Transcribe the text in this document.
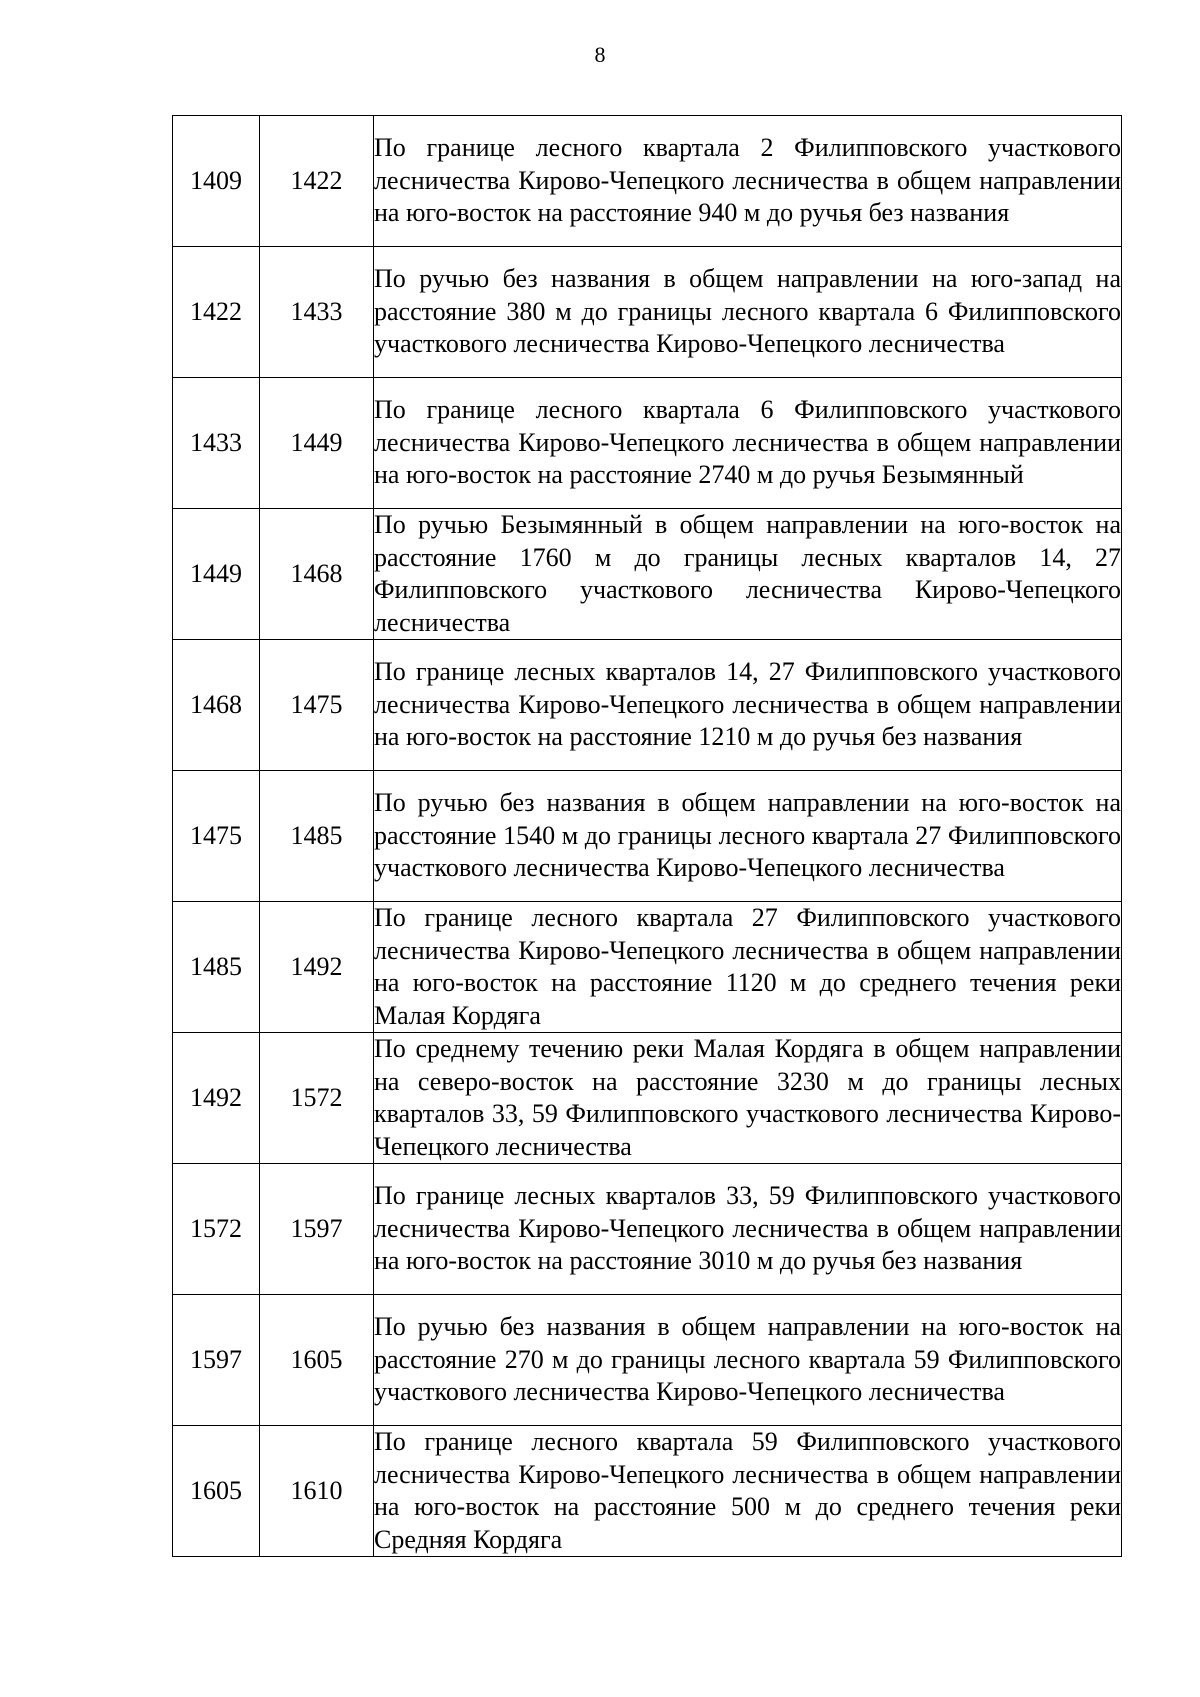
8
1409	1422	По границе лесного квартала 2 Филипповского участкового лесничества Кирово-Чепецкого лесничества в общем направлении на юго-восток на расстояние 940 м до ручья без названия
1422	1433	По ручью без названия в общем направлении на юго-запад на расстояние 380 м до границы лесного квартала 6 Филипповского участкового лесничества Кирово-Чепецкого лесничества
1433	1449	По границе лесного квартала 6 Филипповского участкового лесничества Кирово-Чепецкого лесничества в общем направлении на юго-восток на расстояние 2740 м до ручья Безымянный
1449	1468	По ручью Безымянный в общем направлении на юго-восток на расстояние 1760 м до границы лесных кварталов 14, 27 Филипповского участкового лесничества Кирово-Чепецкого лесничества
1468	1475	По границе лесных кварталов 14, 27 Филипповского участкового лесничества Кирово-Чепецкого лесничества в общем направлении на юго-восток на расстояние 1210 м до ручья без названия
1475	1485	По ручью без названия в общем направлении на юго-восток на расстояние 1540 м до границы лесного квартала 27 Филипповского участкового лесничества Кирово-Чепецкого лесничества
1485	1492	По границе лесного квартала 27 Филипповского участкового лесничества Кирово-Чепецкого лесничества в общем направлении на юго-восток на расстояние 1120 м до среднего течения реки Малая Кордяга
1492	1572	По среднему течению реки Малая Кордяга в общем направлении на северо-восток на расстояние 3230 м до границы лесных кварталов 33, 59 Филипповского участкового лесничества Кирово-Чепецкого лесничества
1572	1597	По границе лесных кварталов 33, 59 Филипповского участкового лесничества Кирово-Чепецкого лесничества в общем направлении на юго-восток на расстояние 3010 м до ручья без названия
1597	1605	По ручью без названия в общем направлении на юго-восток на расстояние 270 м до границы лесного квартала 59 Филипповского участкового лесничества Кирово-Чепецкого лесничества
1605	1610	По границе лесного квартала 59 Филипповского участкового лесничества Кирово-Чепецкого лесничества в общем направлении на юго-восток на расстояние 500 м до среднего течения реки Средняя Кордяга
